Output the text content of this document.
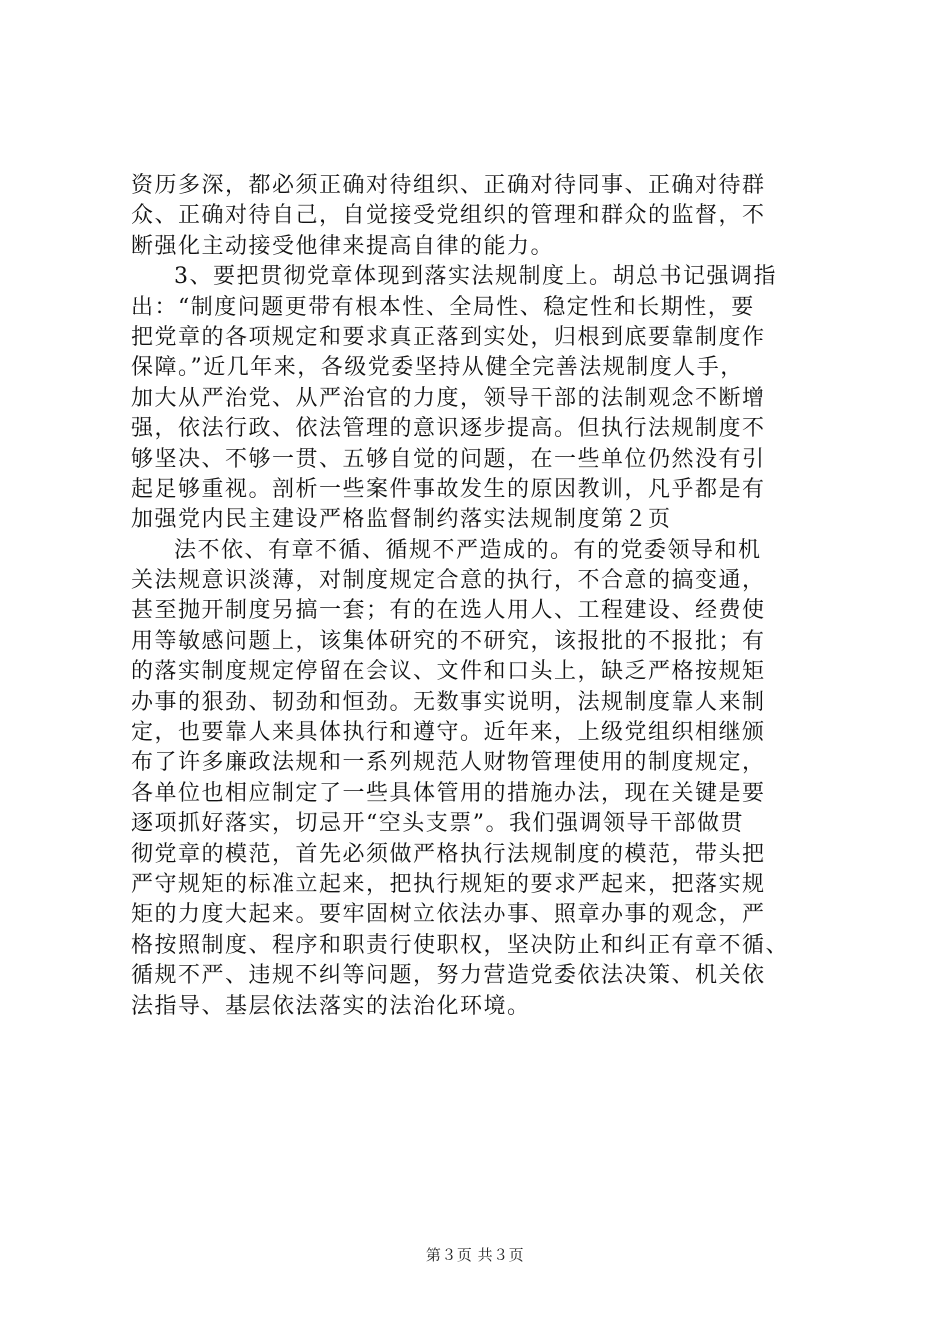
资历多深，都必须正确对待组织、正确对待同事、正确对待群
众、正确对待自己，自觉接受党组织的管理和群众的监督，不
断强化主动接受他律来提高自律的能力。
3、要把贯彻党章体现到落实法规制度上。胡总书记强调指
出：“制度问题更带有根本性、全局性、稳定性和长期性，要
把党章的各项规定和要求真正落到实处，归根到底要靠制度作
保障。”近几年来，各级党委坚持从健全完善法规制度人手，
加大从严治党、从严治官的力度，领导干部的法制观念不断增
强，依法行政、依法管理的意识逐步提高。但执行法规制度不
够坚决、不够一贯、五够自觉的问题，在一些单位仍然没有引
起足够重视。剖析一些案件事故发生的原因教训，凡乎都是有
加强党内民主建设严格监督制约落实法规制度第２页
法不依、有章不循、循规不严造成的。有的党委领导和机
关法规意识淡薄，对制度规定合意的执行，不合意的搞变通，
甚至抛开制度另搞一套；有的在选人用人、工程建设、经费使
用等敏感问题上，该集体研究的不研究，该报批的不报批；有
的落实制度规定停留在会议、文件和口头上，缺乏严格按规矩
办事的狠劲、韧劲和恒劲。无数事实说明，法规制度靠人来制
定，也要靠人来具体执行和遵守。近年来，上级党组织相继颁
布了许多廉政法规和一系列规范人财物管理使用的制度规定，
各单位也相应制定了一些具体管用的措施办法，现在关键是要
逐项抓好落实，切忌开“空头支票”。我们强调领导干部做贯
彻党章的模范，首先必须做严格执行法规制度的模范，带头把
严守规矩的标准立起来，把执行规矩的要求严起来，把落实规
矩的力度大起来。要牢固树立依法办事、照章办事的观念，严
格按照制度、程序和职责行使职权，坚决防止和纠正有章不循、
循规不严、违规不纠等问题，努力营造党委依法决策、机关依
法指导、基层依法落实的法治化环境。
第３页 共３页
